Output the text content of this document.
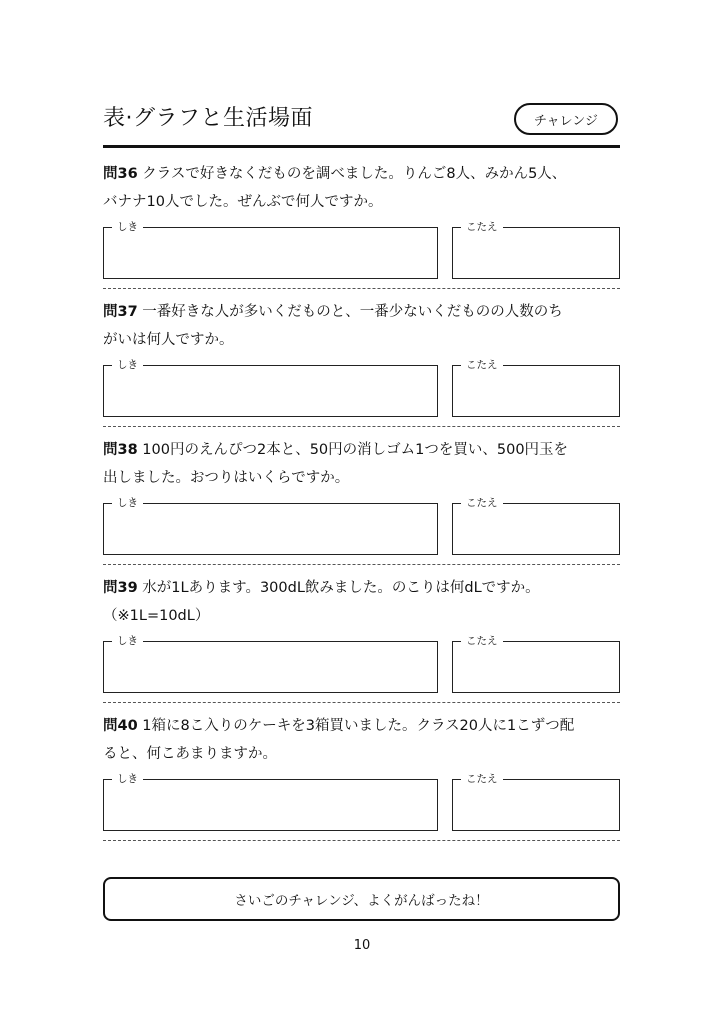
表·グラフと生活場面	チャレンジ
問36 クラスで好きなくだものを調べました。りんご8人、みかん5人、
バナナ10人でした。ぜんぶで何人ですか。
しき	こたえ
問37 一番好きな人が多いくだものと、一番少ないくだものの人数のち
がいは何人ですか。
しき	こたえ
問38 100円のえんぴつ2本と、50円の消しゴム1つを買い、500円玉を
出しました。おつりはいくらですか。
しき	こたえ
問39 水が1Lあります。300dL飲みました。のこりは何dLですか。
（※1L=10dL）
しき	こたえ
問40 1箱に8こ入りのケーキを3箱買いました。クラス20人に1こずつ配
ると、何こあまりますか。
しき	こたえ
さいごのチャレンジ、よくがんばったね！
10
